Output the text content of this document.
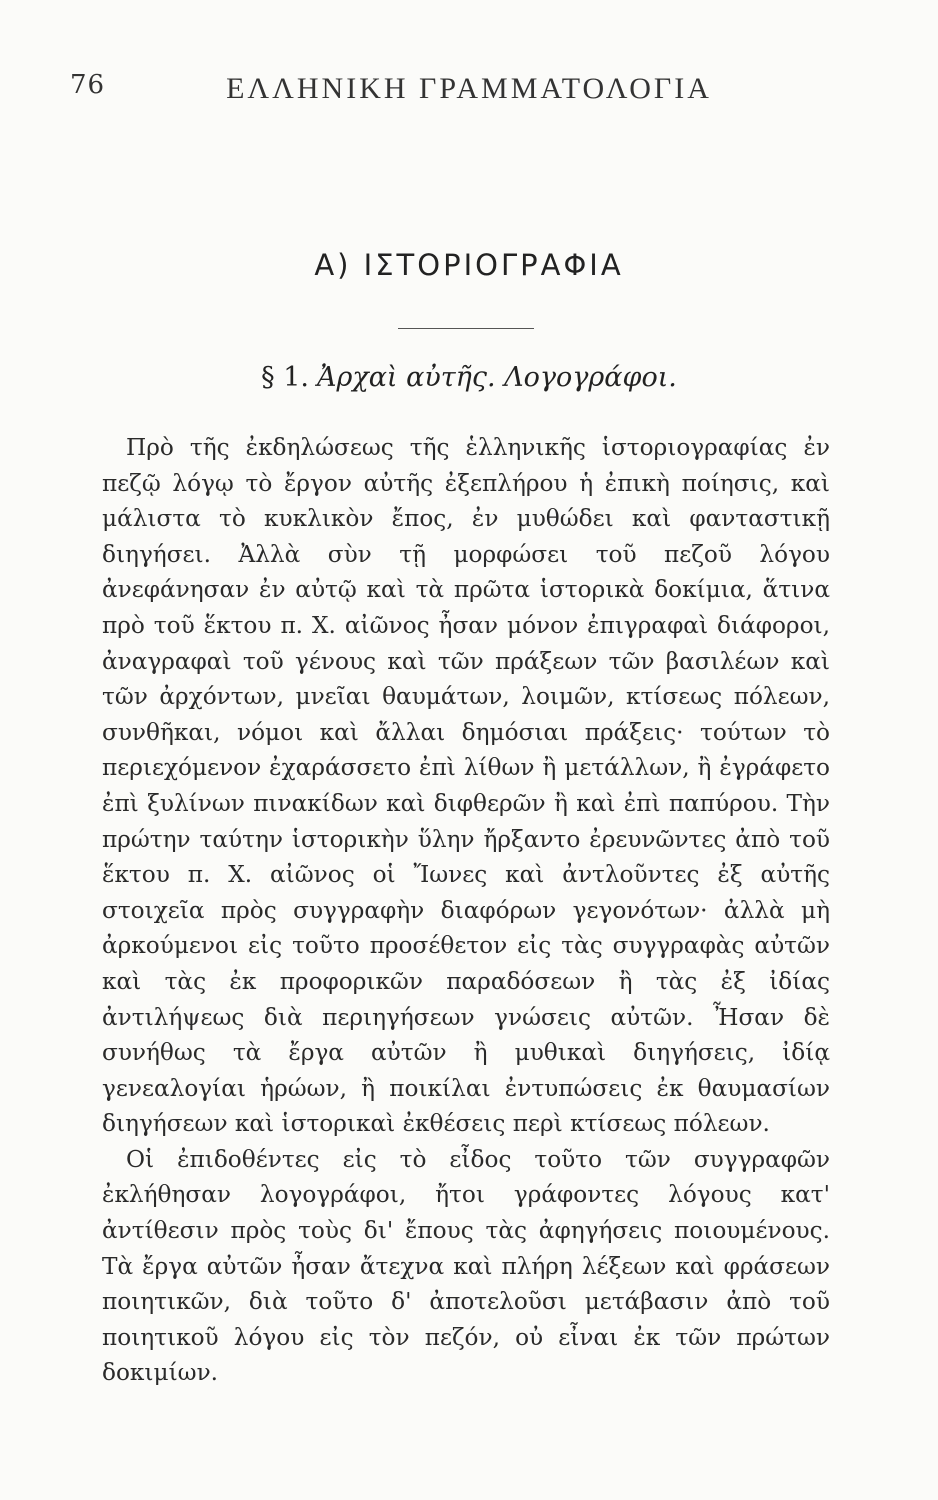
76	ΕΛΛΗΝΙΚΗ ΓΡΑΜΜΑΤΟΛΟΓΙΑ
Α) ΙΣΤΟΡΙΟΓΡΑΦΙΑ
§ 1. Ἀρχαὶ αὐτῆς. Λογογράφοι.

Πρὸ τῆς ἐκδηλώσεως τῆς ἑλληνικῆς ἱστοριογραφίας ἐν πεζῷ λόγῳ τὸ ἔργον αὐτῆς ἐξεπλήρου ἡ ἐπικὴ ποίησις, καὶ μάλιστα τὸ κυκλικὸν ἔπος, ἐν μυθώδει καὶ φανταστικῇ διηγήσει. Ἀλλὰ σὺν τῇ μορφώσει τοῦ πεζοῦ λόγου ἀνεφάνησαν ἐν αὐτῷ καὶ τὰ πρῶτα ἱστορικὰ δοκίμια, ἅτινα πρὸ τοῦ ἕκτου π. Χ. αἰῶνος ἦσαν μόνον ἐπιγραφαὶ διάφοροι, ἀναγραφαὶ τοῦ γένους καὶ τῶν πράξεων τῶν βασιλέων καὶ τῶν ἀρχόντων, μνεῖαι θαυμάτων, λοιμῶν, κτίσεως πόλεων, συνθῆκαι, νόμοι καὶ ἄλλαι δημόσιαι πράξεις· τούτων τὸ περιεχόμενον ἐχαράσσετο ἐπὶ λίθων ἢ μετάλλων, ἢ ἐγράφετο ἐπὶ ξυλίνων πινακίδων καὶ διφθερῶν ἢ καὶ ἐπὶ παπύρου. Τὴν πρώτην ταύτην ἱστορικὴν ὕλην ἤρξαντο ἐρευνῶντες ἀπὸ τοῦ ἕκτου π. Χ. αἰῶνος οἱ Ἴωνες καὶ ἀντλοῦντες ἐξ αὐτῆς στοιχεῖα πρὸς συγγραφὴν διαφόρων γεγονότων· ἀλλὰ μὴ ἀρκούμενοι εἰς τοῦτο προσέθετον εἰς τὰς συγγραφὰς αὐτῶν καὶ τὰς ἐκ προφορικῶν παραδόσεων ἢ τὰς ἐξ ἰδίας ἀντιλήψεως διὰ περιηγήσεων γνώσεις αὐτῶν. Ἦσαν δὲ συνήθως τὰ ἔργα αὐτῶν ἢ μυθικαὶ διηγήσεις, ἰδίᾳ γενεαλογίαι ἡρώων, ἢ ποικίλαι ἐντυπώσεις ἐκ θαυμασίων διηγήσεων καὶ ἱστορικαὶ ἐκθέσεις περὶ κτίσεως πόλεων.

Οἱ ἐπιδοθέντες εἰς τὸ εἶδος τοῦτο τῶν συγγραφῶν ἐκλήθησαν λογογράφοι, ἤτοι γράφοντες λόγους κατ' ἀντίθεσιν πρὸς τοὺς δι' ἔπους τὰς ἀφηγήσεις ποιουμένους. Τὰ ἔργα αὐτῶν ἦσαν ἄτεχνα καὶ πλήρη λέξεων καὶ φράσεων ποιητικῶν, διὰ τοῦτο δ' ἀποτελοῦσι μετάβασιν ἀπὸ τοῦ ποιητικοῦ λόγου εἰς τὸν πεζόν, οὐ εἶναι ἐκ τῶν πρώτων δοκιμίων.
